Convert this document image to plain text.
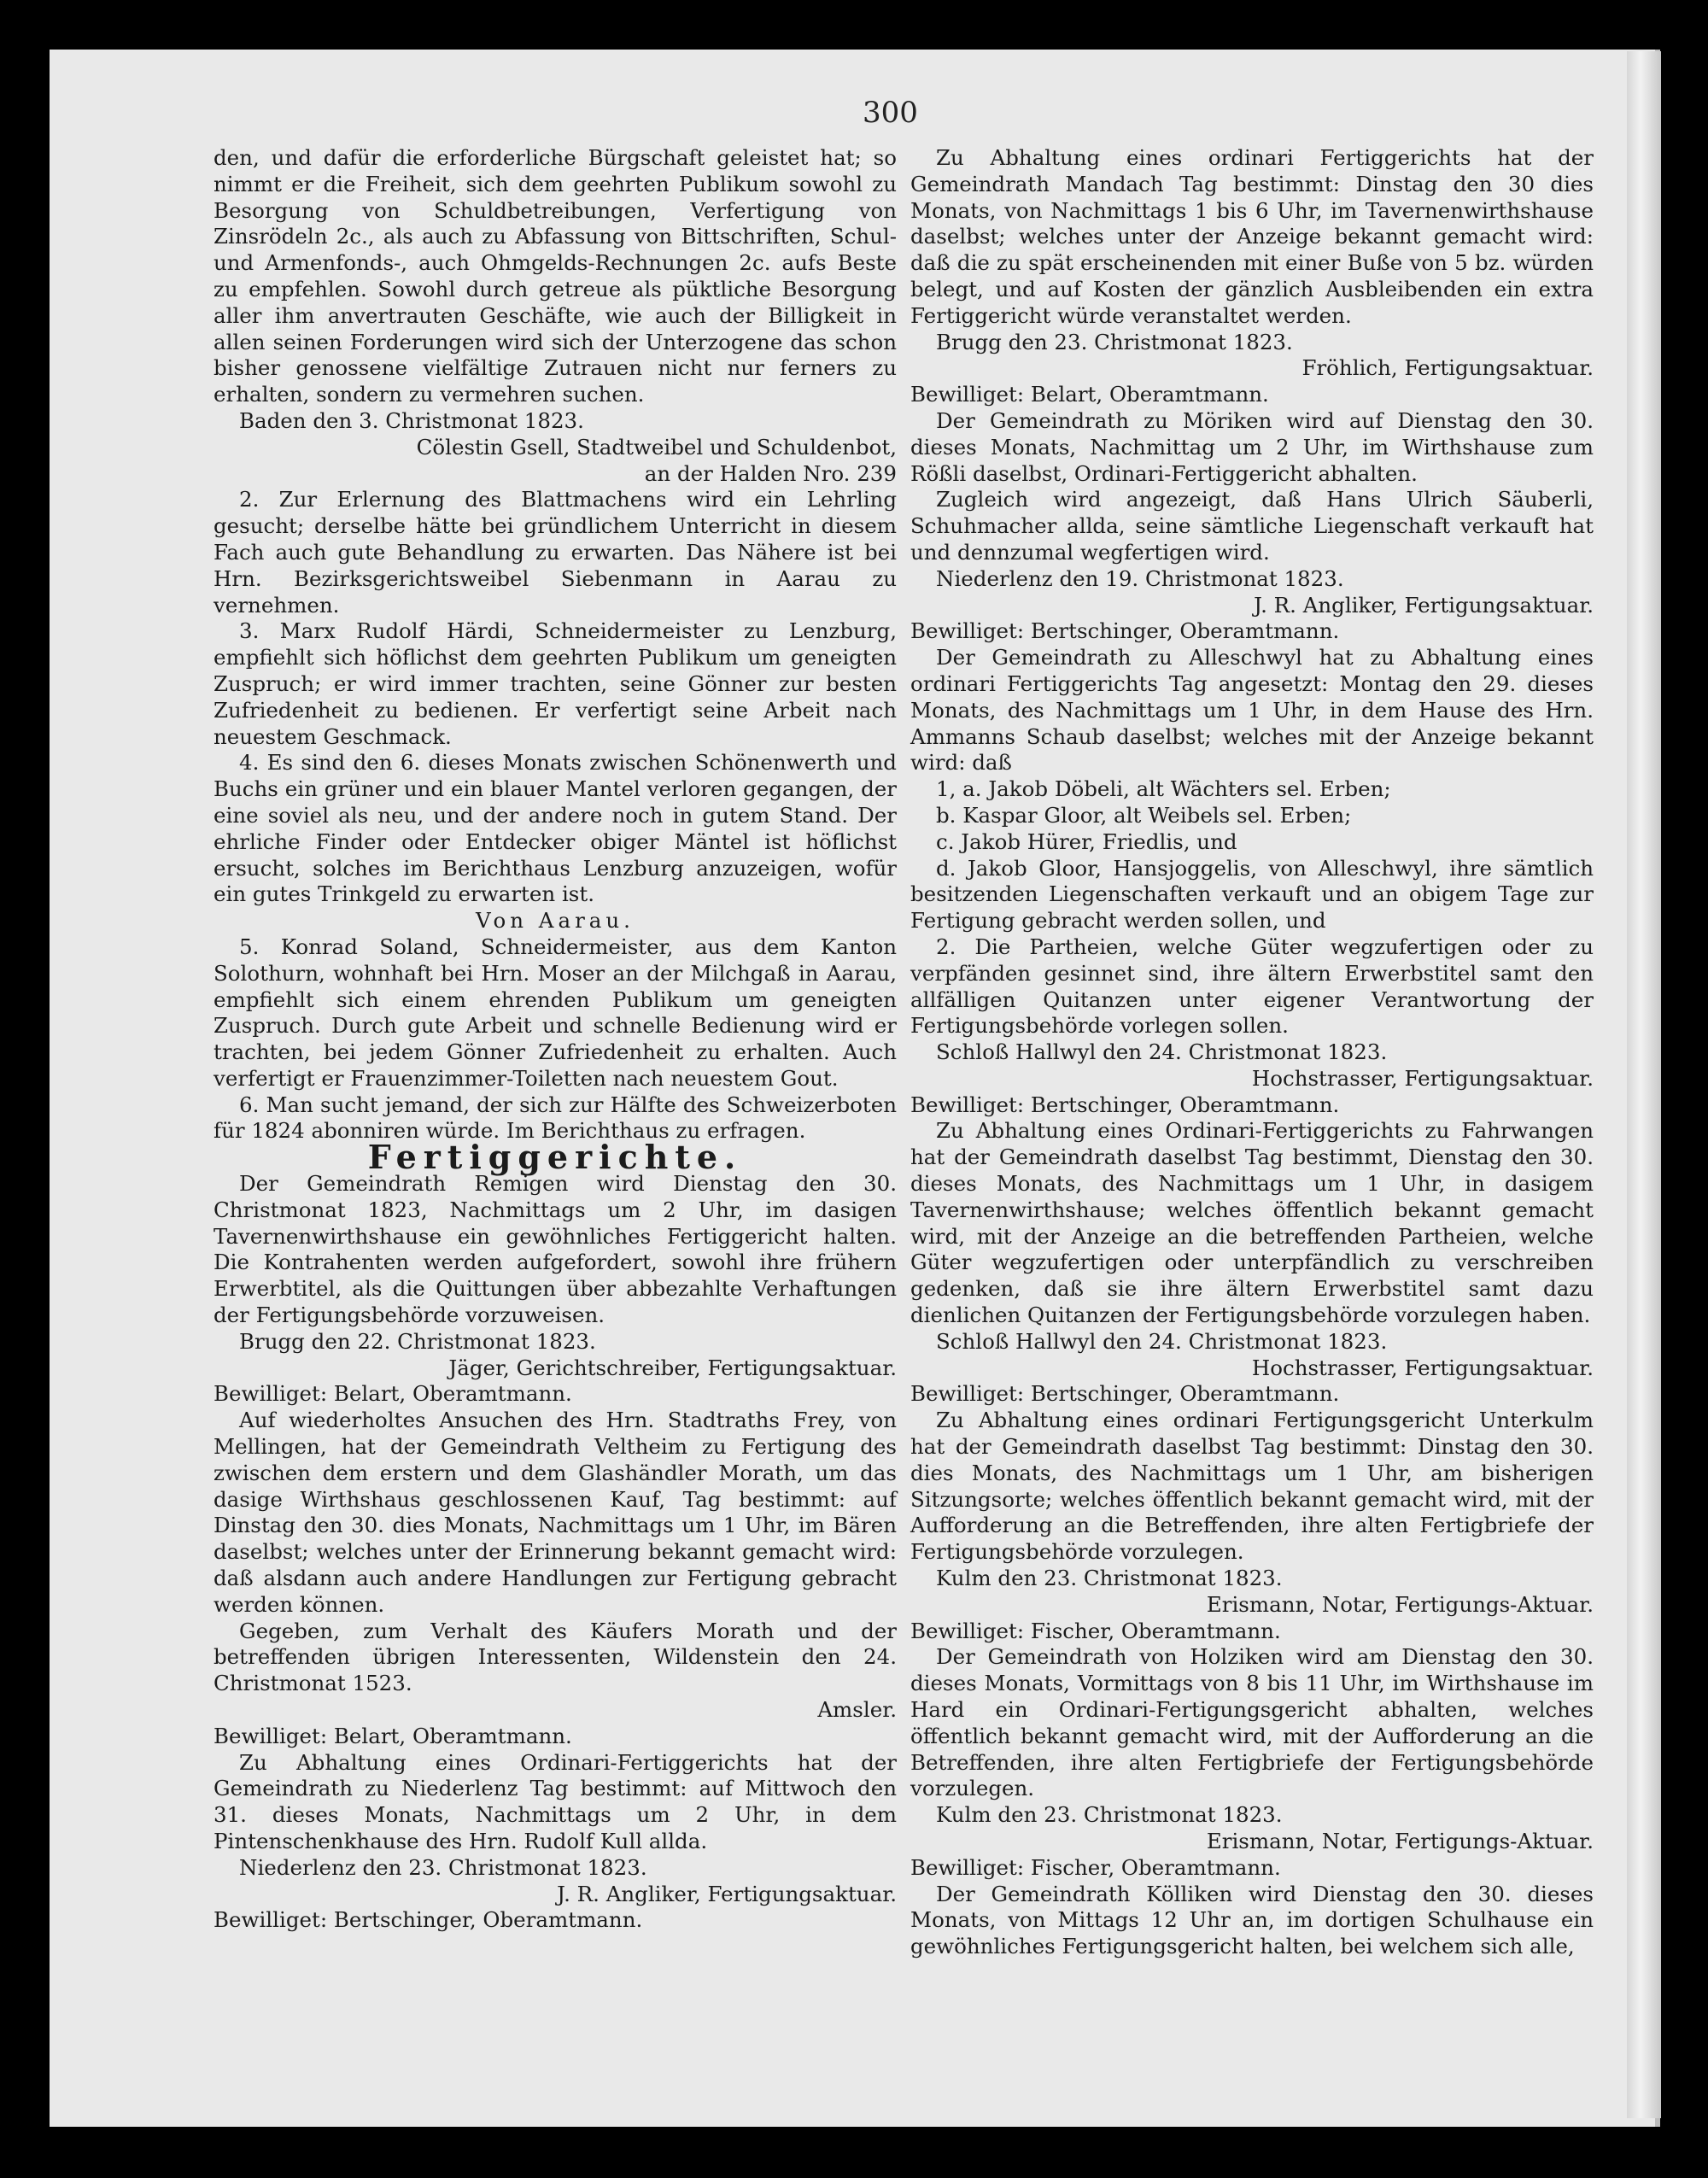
300

den, und dafür die erforderliche Bürgschaft geleistet hat; so nimmt er die Freiheit, sich dem geehrten Publikum sowohl zu Besorgung von Schuldbetreibungen, Verfertigung von Zinsrödeln 2c., als auch zu Abfassung von Bittschriften, Schul- und Armenfonds-, auch Ohmgelds-Rechnungen 2c. aufs Beste zu empfehlen. Sowohl durch getreue als püktliche Besorgung aller ihm anvertrauten Geschäfte, wie auch der Billigkeit in allen seinen Forderungen wird sich der Unterzogene das schon bisher genossene vielfältige Zutrauen nicht nur ferners zu erhalten, sondern zu vermehren suchen.

Baden den 3. Christmonat 1823.

Cölestin Gsell, Stadtweibel und Schuldenbot,
an der Halden Nro. 239

2. Zur Erlernung des Blattmachens wird ein Lehrling gesucht; derselbe hätte bei gründlichem Unterricht in diesem Fach auch gute Behandlung zu erwarten. Das Nähere ist bei Hrn. Bezirksgerichtsweibel Siebenmann in Aarau zu vernehmen.

3. Marx Rudolf Härdi, Schneidermeister zu Lenzburg, empfiehlt sich höflichst dem geehrten Publikum um geneigten Zuspruch; er wird immer trachten, seine Gönner zur besten Zufriedenheit zu bedienen. Er verfertigt seine Arbeit nach neuestem Geschmack.

4. Es sind den 6. dieses Monats zwischen Schönenwerth und Buchs ein grüner und ein blauer Mantel verloren gegangen, der eine soviel als neu, und der andere noch in gutem Stand. Der ehrliche Finder oder Entdecker obiger Mäntel ist höflichst ersucht, solches im Berichthaus Lenzburg anzuzeigen, wofür ein gutes Trinkgeld zu erwarten ist.

Von Aarau.

5. Konrad Soland, Schneidermeister, aus dem Kanton Solothurn, wohnhaft bei Hrn. Moser an der Milchgaß in Aarau, empfiehlt sich einem ehrenden Publikum um geneigten Zuspruch. Durch gute Arbeit und schnelle Bedienung wird er trachten, bei jedem Gönner Zufriedenheit zu erhalten. Auch verfertigt er Frauenzimmer-Toiletten nach neuestem Gout.

6. Man sucht jemand, der sich zur Hälfte des Schweizerboten für 1824 abonniren würde. Im Berichthaus zu erfragen.

Fertiggerichte.

Der Gemeindrath Remigen wird Dienstag den 30. Christmonat 1823, Nachmittags um 2 Uhr, im dasigen Tavernenwirthshause ein gewöhnliches Fertiggericht halten. Die Kontrahenten werden aufgefordert, sowohl ihre frühern Erwerbtitel, als die Quittungen über abbezahlte Verhaftungen der Fertigungsbehörde vorzuweisen.

Brugg den 22. Christmonat 1823.

Jäger, Gerichtschreiber, Fertigungsaktuar.

Bewilliget: Belart, Oberamtmann.

Auf wiederholtes Ansuchen des Hrn. Stadtraths Frey, von Mellingen, hat der Gemeindrath Veltheim zu Fertigung des zwischen dem erstern und dem Glashändler Morath, um das dasige Wirthshaus geschlossenen Kauf, Tag bestimmt: auf Dinstag den 30. dies Monats, Nachmittags um 1 Uhr, im Bären daselbst; welches unter der Erinnerung bekannt gemacht wird: daß alsdann auch andere Handlungen zur Fertigung gebracht werden können.

Gegeben, zum Verhalt des Käufers Morath und der betreffenden übrigen Interessenten, Wildenstein den 24. Christmonat 1523.

Amsler.

Bewilliget: Belart, Oberamtmann.

Zu Abhaltung eines Ordinari-Fertiggerichts hat der Gemeindrath zu Niederlenz Tag bestimmt: auf Mittwoch den 31. dieses Monats, Nachmittags um 2 Uhr, in dem Pintenschenkhause des Hrn. Rudolf Kull allda.

Niederlenz den 23. Christmonat 1823.

J. R. Angliker, Fertigungsaktuar.

Bewilliget: Bertschinger, Oberamtmann.

Zu Abhaltung eines ordinari Fertiggerichts hat der Gemeindrath Mandach Tag bestimmt: Dinstag den 30 dies Monats, von Nachmittags 1 bis 6 Uhr, im Tavernenwirthshause daselbst; welches unter der Anzeige bekannt gemacht wird: daß die zu spät erscheinenden mit einer Buße von 5 bz. würden belegt, und auf Kosten der gänzlich Ausbleibenden ein extra Fertiggericht würde veranstaltet werden.

Brugg den 23. Christmonat 1823.

Fröhlich, Fertigungsaktuar.

Bewilliget: Belart, Oberamtmann.

Der Gemeindrath zu Möriken wird auf Dienstag den 30. dieses Monats, Nachmittag um 2 Uhr, im Wirthshause zum Rößli daselbst, Ordinari-Fertiggericht abhalten.

Zugleich wird angezeigt, daß Hans Ulrich Säuberli, Schuhmacher allda, seine sämtliche Liegenschaft verkauft hat und dennzumal wegfertigen wird.

Niederlenz den 19. Christmonat 1823.

J. R. Angliker, Fertigungsaktuar.

Bewilliget: Bertschinger, Oberamtmann.

Der Gemeindrath zu Alleschwyl hat zu Abhaltung eines ordinari Fertiggerichts Tag angesetzt: Montag den 29. dieses Monats, des Nachmittags um 1 Uhr, in dem Hause des Hrn. Ammanns Schaub daselbst; welches mit der Anzeige bekannt wird: daß

1, a. Jakob Döbeli, alt Wächters sel. Erben;

b. Kaspar Gloor, alt Weibels sel. Erben;

c. Jakob Hürer, Friedlis, und

d. Jakob Gloor, Hansjoggelis, von Alleschwyl, ihre sämtlich besitzenden Liegenschaften verkauft und an obigem Tage zur Fertigung gebracht werden sollen, und

2. Die Partheien, welche Güter wegzufertigen oder zu verpfänden gesinnet sind, ihre ältern Erwerbstitel samt den allfälligen Quitanzen unter eigener Verantwortung der Fertigungsbehörde vorlegen sollen.

Schloß Hallwyl den 24. Christmonat 1823.

Hochstrasser, Fertigungsaktuar.

Bewilliget: Bertschinger, Oberamtmann.

Zu Abhaltung eines Ordinari-Fertiggerichts zu Fahrwangen hat der Gemeindrath daselbst Tag bestimmt, Dienstag den 30. dieses Monats, des Nachmittags um 1 Uhr, in dasigem Tavernenwirthshause; welches öffentlich bekannt gemacht wird, mit der Anzeige an die betreffenden Partheien, welche Güter wegzufertigen oder unterpfändlich zu verschreiben gedenken, daß sie ihre ältern Erwerbstitel samt dazu dienlichen Quitanzen der Fertigungsbehörde vorzulegen haben.

Schloß Hallwyl den 24. Christmonat 1823.

Hochstrasser, Fertigungsaktuar.

Bewilliget: Bertschinger, Oberamtmann.

Zu Abhaltung eines ordinari Fertigungsgericht Unterkulm hat der Gemeindrath daselbst Tag bestimmt: Dinstag den 30. dies Monats, des Nachmittags um 1 Uhr, am bisherigen Sitzungsorte; welches öffentlich bekannt gemacht wird, mit der Aufforderung an die Betreffenden, ihre alten Fertigbriefe der Fertigungsbehörde vorzulegen.

Kulm den 23. Christmonat 1823.

Erismann, Notar, Fertigungs-Aktuar.

Bewilliget: Fischer, Oberamtmann.

Der Gemeindrath von Holziken wird am Dienstag den 30. dieses Monats, Vormittags von 8 bis 11 Uhr, im Wirthshause im Hard ein Ordinari-Fertigungsgericht abhalten, welches öffentlich bekannt gemacht wird, mit der Aufforderung an die Betreffenden, ihre alten Fertigbriefe der Fertigungsbehörde vorzulegen.

Kulm den 23. Christmonat 1823.

Erismann, Notar, Fertigungs-Aktuar.

Bewilliget: Fischer, Oberamtmann.

Der Gemeindrath Kölliken wird Dienstag den 30. dieses Monats, von Mittags 12 Uhr an, im dortigen Schulhause ein gewöhnliches Fertigungsgericht halten, bei welchem sich alle,
